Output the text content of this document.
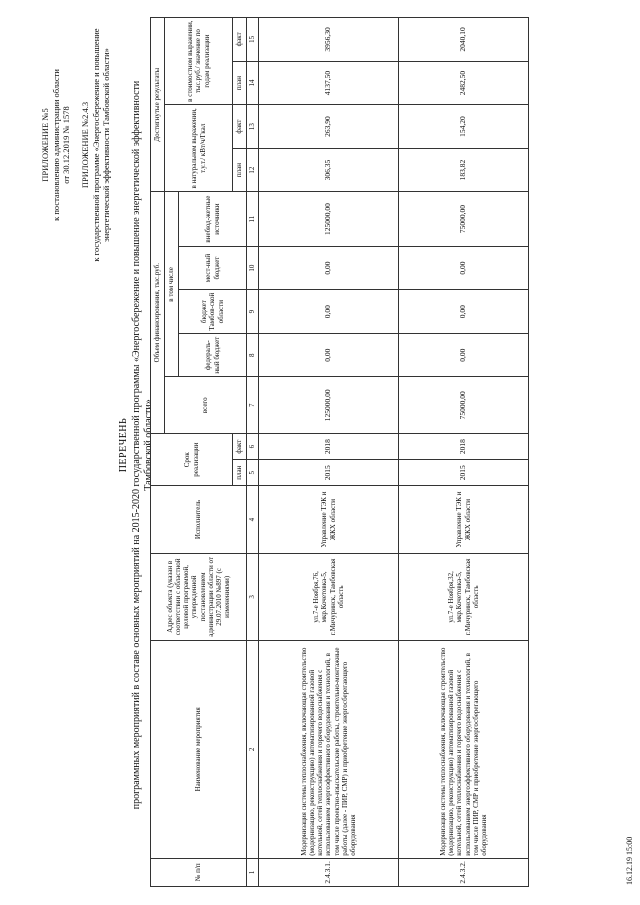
ПРИЛОЖЕНИЕ №5 к постановлению администрации области от 30.12.2019 № 1578 ПРИЛОЖЕНИЕ №2.4.3 к государственной программе «Энергосбережение и повышение энергетической эффективности Тамбовской области»
ПЕРЕЧЕНЬ программных мероприятий в составе основных мероприятий на 2015-2020 государственной программы «Энергосбережение и повышение энергетической эффективности Тамбовской области»
№ п/п	Наименование мероприятия	Адрес объекта (указан в соответствии с областной целевой программой, утвержденной постановлением администрации области от 29.07.2010 №897 (с изменениями)	Исполнитель	Срок реализации		Объем финансирования, тыс.руб.					Достигнутые результаты			
						всего	в том числе				в натуральном выражении, т.у.т./ кВт/ч/Гкал		в стоимостном выражении, тыс.руб./ значение по годам реализации	
							федераль-ный бюджет	бюджет Тамбов-ской области	мест-ный бюджет	внебюд-жетные источники				
				план	факт						план	факт	план	факт
1	2	3	4	5	6	7	8	9	10	11	12	13	14	15
2.4.3.1.	Модернизация системы теплоснабжения, включающая строительство (модернизацию, реконструкцию) автоматизированной газовой котельной, сетей теплоснабжения и горячего водоснабжения с использованием энергоэффективного оборудования и технологий, в том числе проектно-изыскательские работы, строительно-монтажные работы (далее - ПИР, СМР) и приобретение энергосберегающего оборудования	ул.7-е Ноября,76, мкр.Кочетовка-5, г.Мичуринск, Тамбовская область	Управление ТЭК и ЖКХ области	2015	2018	125000,00	0,00	0,00	0,00	125000,00	306,35	263,90	4137,50	3956,30
2.4.3.2.	Модернизация системы теплоснабжения, включающая строительство (модернизацию, реконструкцию) автоматизированной газовой котельной, сетей теплоснабжения и горячего водоснабжения с использованием энергоэффективного оборудования и технологий, в том числе ПИР, СМР и приобретение энергосберегающего оборудования	ул.7-е Ноября,32, мкр.Кочетовка-5, г.Мичуринск, Тамбовская область	Управление ТЭК и ЖКХ области	2015	2018	75000,00	0,00	0,00	0,00	75000,00	183,82	154,20	2482,50	2040,10
16.12.19 15:00
